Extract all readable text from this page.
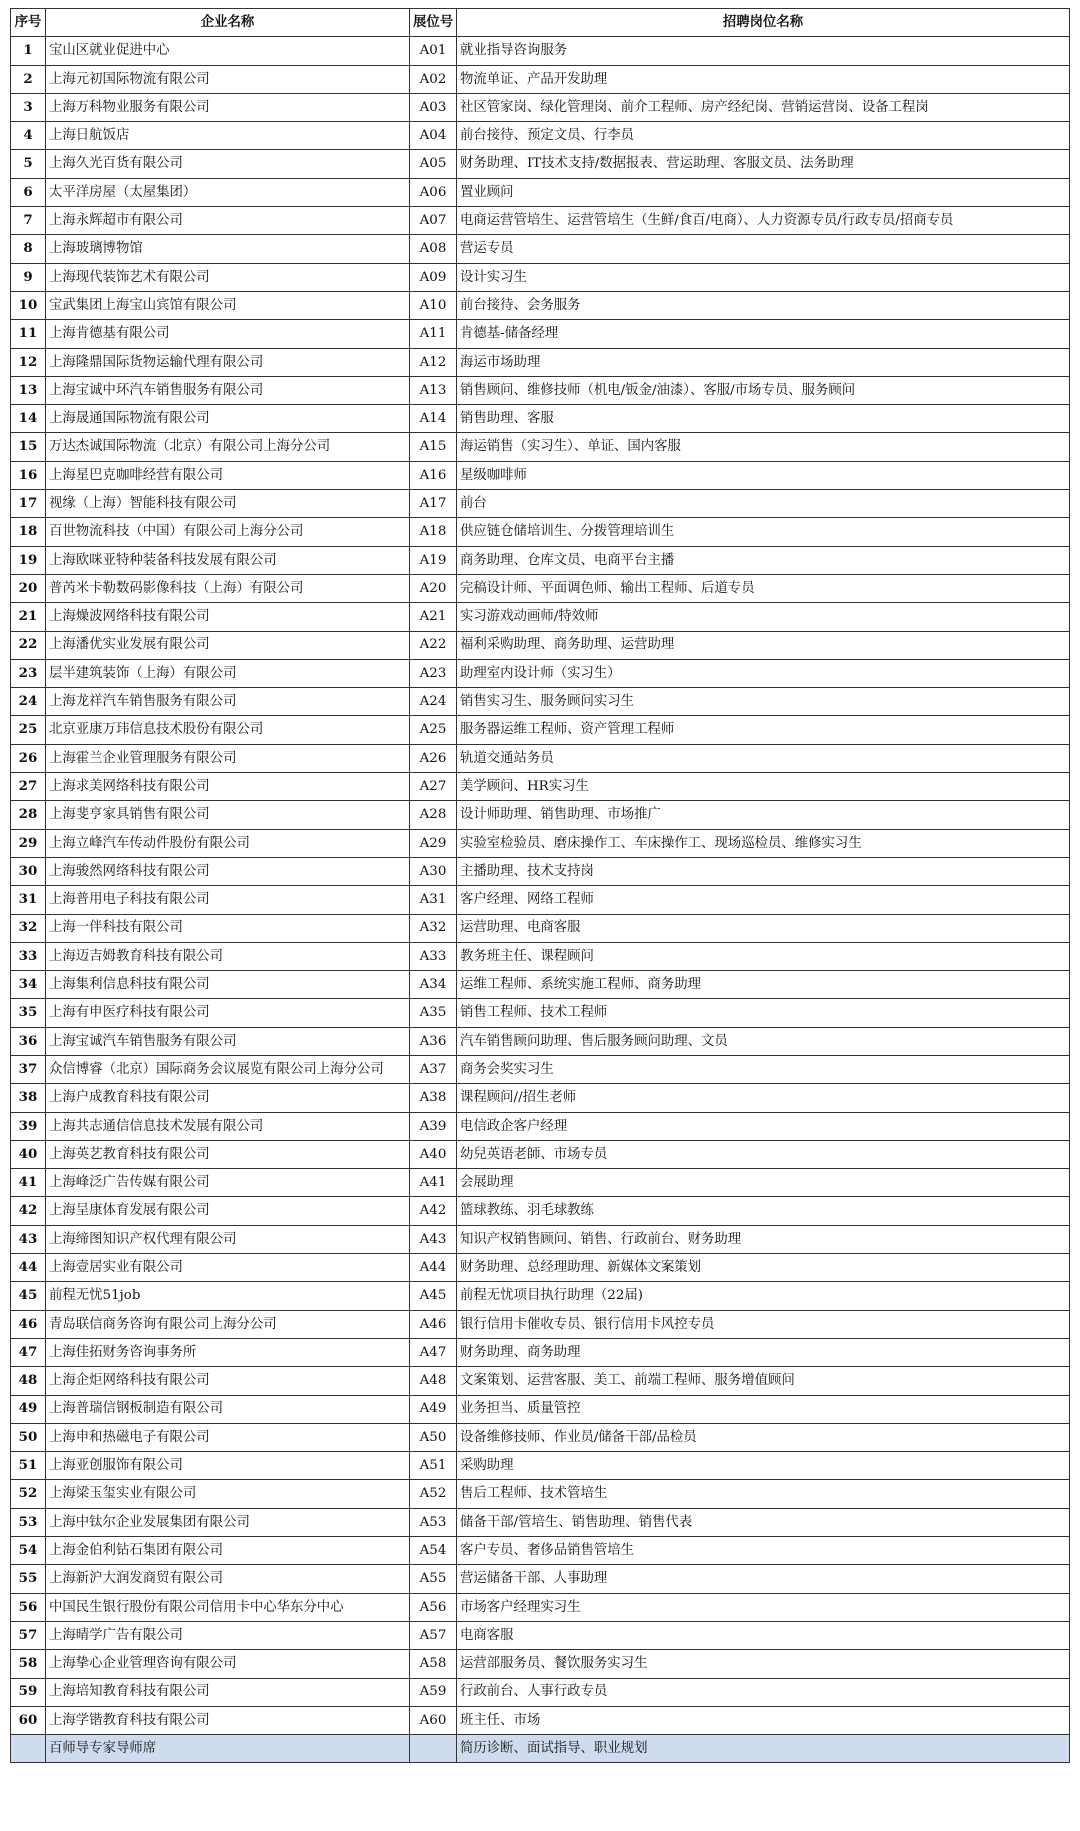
序号	企业名称	展位号	招聘岗位名称
1	宝山区就业促进中心	A01	就业指导咨询服务
2	上海元初国际物流有限公司	A02	物流单证、产品开发助理
3	上海万科物业服务有限公司	A03	社区管家岗、绿化管理岗、前介工程师、房产经纪岗、营销运营岗、设备工程岗
4	上海日航饭店	A04	前台接待、预定文员、行李员
5	上海久光百货有限公司	A05	财务助理、IT技术支持/数据报表、营运助理、客服文员、法务助理
6	太平洋房屋（太屋集团）	A06	置业顾问
7	上海永辉超市有限公司	A07	电商运营管培生、运营管培生（生鲜/食百/电商）、人力资源专员/行政专员/招商专员
8	上海玻璃博物馆	A08	营运专员
9	上海现代装饰艺术有限公司	A09	设计实习生
10	宝武集团上海宝山宾馆有限公司	A10	前台接待、会务服务
11	上海肯德基有限公司	A11	肯德基-储备经理
12	上海隆鼎国际货物运输代理有限公司	A12	海运市场助理
13	上海宝诚中环汽车销售服务有限公司	A13	销售顾问、维修技师（机电/钣金/油漆）、客服/市场专员、服务顾问
14	上海晟通国际物流有限公司	A14	销售助理、客服
15	万达杰诚国际物流（北京）有限公司上海分公司	A15	海运销售（实习生）、单证、国内客服
16	上海星巴克咖啡经营有限公司	A16	星级咖啡师
17	视缘（上海）智能科技有限公司	A17	前台
18	百世物流科技（中国）有限公司上海分公司	A18	供应链仓储培训生、分拨管理培训生
19	上海欧咪亚特种装备科技发展有限公司	A19	商务助理、仓库文员、电商平台主播
20	普芮米卡勒数码影像科技（上海）有限公司	A20	完稿设计师、平面调色师、输出工程师、后道专员
21	上海燥波网络科技有限公司	A21	实习游戏动画师/特效师
22	上海潘优实业发展有限公司	A22	福利采购助理、商务助理、运营助理
23	层半建筑装饰（上海）有限公司	A23	助理室内设计师（实习生）
24	上海龙祥汽车销售服务有限公司	A24	销售实习生、服务顾问实习生
25	北京亚康万玮信息技术股份有限公司	A25	服务器运维工程师、资产管理工程师
26	上海霍兰企业管理服务有限公司	A26	轨道交通站务员
27	上海求美网络科技有限公司	A27	美学顾问、HR实习生
28	上海斐亨家具销售有限公司	A28	设计师助理、销售助理、市场推广
29	上海立峰汽车传动件股份有限公司	A29	实验室检验员、磨床操作工、车床操作工、现场巡检员、维修实习生
30	上海骏然网络科技有限公司	A30	主播助理、技术支持岗
31	上海普用电子科技有限公司	A31	客户经理、网络工程师
32	上海一伴科技有限公司	A32	运营助理、电商客服
33	上海迈吉姆教育科技有限公司	A33	教务班主任、课程顾问
34	上海集利信息科技有限公司	A34	运维工程师、系统实施工程师、商务助理
35	上海有申医疗科技有限公司	A35	销售工程师、技术工程师
36	上海宝诚汽车销售服务有限公司	A36	汽车销售顾问助理、售后服务顾问助理、文员
37	众信博睿（北京）国际商务会议展览有限公司上海分公司	A37	商务会奖实习生
38	上海户成教育科技有限公司	A38	课程顾问//招生老师
39	上海共志通信信息技术发展有限公司	A39	电信政企客户经理
40	上海英艺教育科技有限公司	A40	幼兒英语老師、市场专员
41	上海峰泛广告传媒有限公司	A41	会展助理
42	上海呈康体育发展有限公司	A42	篮球教练、羽毛球教练
43	上海缔图知识产权代理有限公司	A43	知识产权销售顾问、销售、行政前台、财务助理
44	上海壹居实业有限公司	A44	财务助理、总经理助理、新媒体文案策划
45	前程无忧51job	A45	前程无忧项目执行助理（22届)
46	青岛联信商务咨询有限公司上海分公司	A46	银行信用卡催收专员、银行信用卡风控专员
47	上海佳拓财务咨询事务所	A47	财务助理、商务助理
48	上海企炬网络科技有限公司	A48	文案策划、运营客服、美工、前端工程师、服务增值顾问
49	上海普瑞信钢板制造有限公司	A49	业务担当、质量管控
50	上海申和热磁电子有限公司	A50	设备维修技师、作业员/储备干部/品检员
51	上海亚创服饰有限公司	A51	采购助理
52	上海梁玉玺实业有限公司	A52	售后工程师、技术管培生
53	上海中钛尔企业发展集团有限公司	A53	储备干部/管培生、销售助理、销售代表
54	上海金伯利钻石集团有限公司	A54	客户专员、奢侈品销售管培生
55	上海新沪大润发商贸有限公司	A55	营运储备干部、人事助理
56	中国民生银行股份有限公司信用卡中心华东分中心	A56	市场客户经理实习生
57	上海晴学广告有限公司	A57	电商客服
58	上海挚心企业管理咨询有限公司	A58	运营部服务员、餐饮服务实习生
59	上海培知教育科技有限公司	A59	行政前台、人事行政专员
60	上海学锴教育科技有限公司	A60	班主任、市场
	百师导专家导师席		简历诊断、面试指导、职业规划
